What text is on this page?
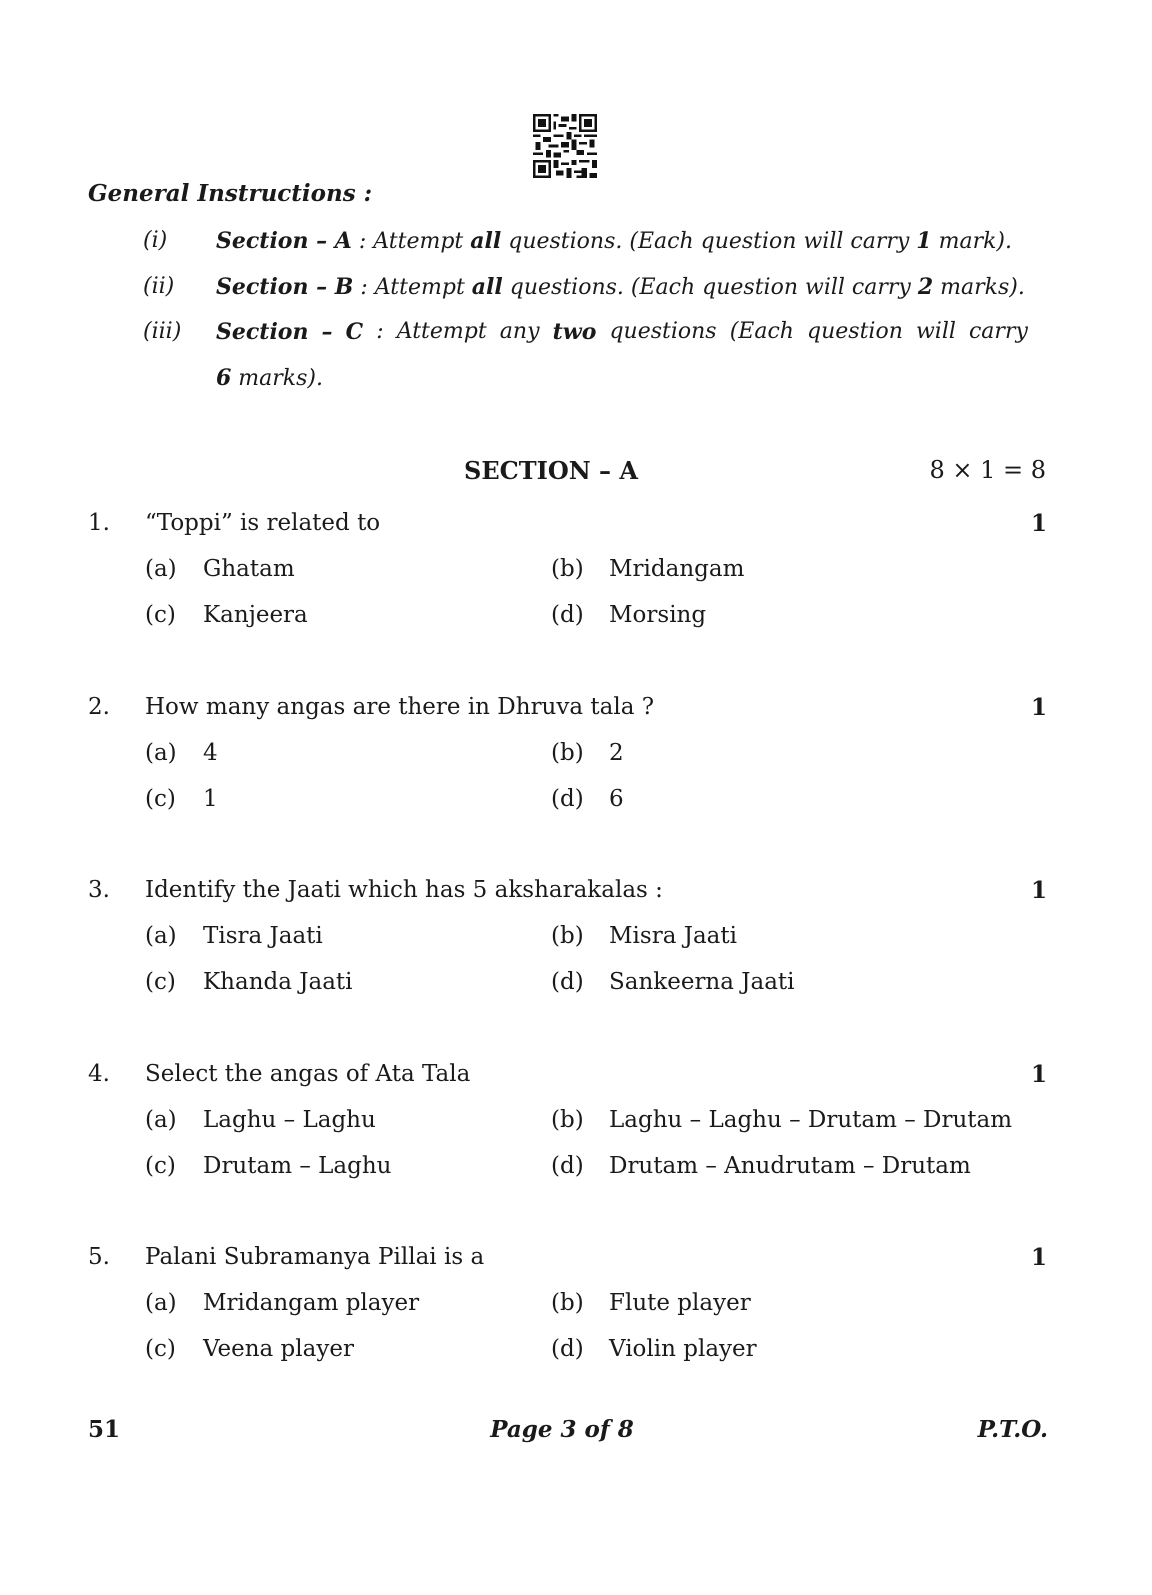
General Instructions :
(i) Section – A : Attempt all questions. (Each question will carry 1 mark).
(ii) Section – B : Attempt all questions. (Each question will carry 2 marks).
(iii) Section – C : Attempt any two questions (Each question will carry
6 marks).
SECTION – A	8 × 1 = 8
1. “Toppi” is related to	1
(a) Ghatam	(b) Mridangam
(c) Kanjeera	(d) Morsing
2. How many angas are there in Dhruva tala ?	1
(a) 4	(b) 2
(c) 1	(d) 6
3. Identify the Jaati which has 5 aksharakalas :	1
(a) Tisra Jaati	(b) Misra Jaati
(c) Khanda Jaati	(d) Sankeerna Jaati
4. Select the angas of Ata Tala	1
(a) Laghu – Laghu	(b) Laghu – Laghu – Drutam – Drutam
(c) Drutam – Laghu	(d) Drutam – Anudrutam – Drutam
5. Palani Subramanya Pillai is a	1
(a) Mridangam player	(b) Flute player
(c) Veena player	(d) Violin player
51	Page 3 of 8	P.T.O.
